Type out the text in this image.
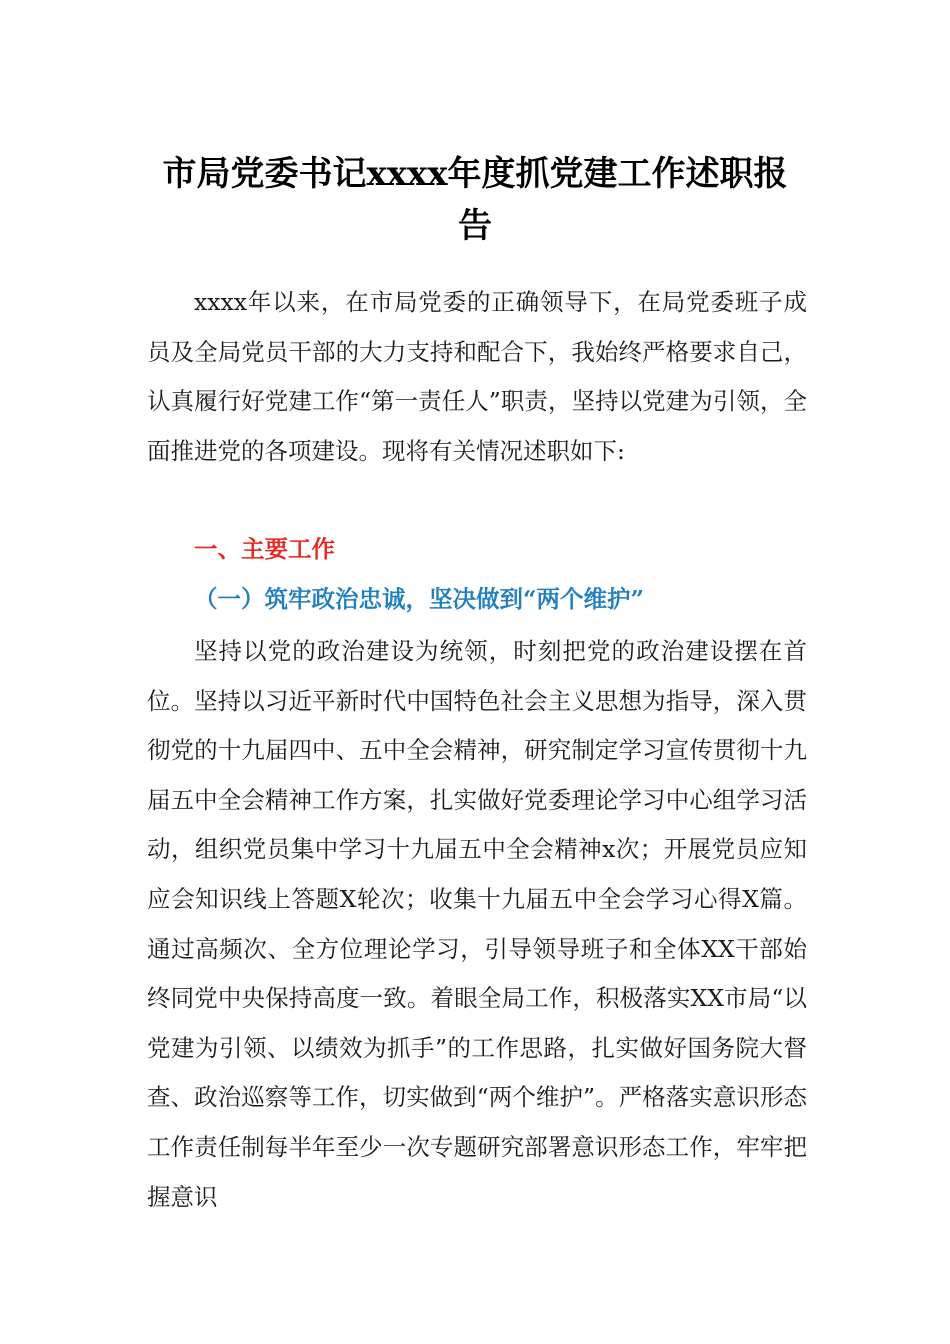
市局党委书记xxxx年度抓党建工作述职报
告

xxxx年以来，在市局党委的正确领导下，在局党委班子成员及全局党员干部的大力支持和配合下，我始终严格要求自己，认真履行好党建工作“第一责任人”职责，坚持以党建为引领，全面推进党的各项建设。现将有关情况述职如下:

一、主要工作
（一）筑牢政治忠诚，坚决做到“两个维护”

坚持以党的政治建设为统领，时刻把党的政治建设摆在首位。坚持以习近平新时代中国特色社会主义思想为指导，深入贯彻党的十九届四中、五中全会精神，研究制定学习宣传贯彻十九届五中全会精神工作方案，扎实做好党委理论学习中心组学习活动，组织党员集中学习十九届五中全会精神x次；开展党员应知应会知识线上答题X轮次；收集十九届五中全会学习心得X篇。通过高频次、全方位理论学习，引导领导班子和全体XX干部始终同党中央保持高度一致。着眼全局工作，积极落实XX市局“以党建为引领、以绩效为抓手”的工作思路，扎实做好国务院大督查、政治巡察等工作，切实做到“两个维护”。严格落实意识形态工作责任制每半年至少一次专题研究部署意识形态工作，牢牢把握意识
